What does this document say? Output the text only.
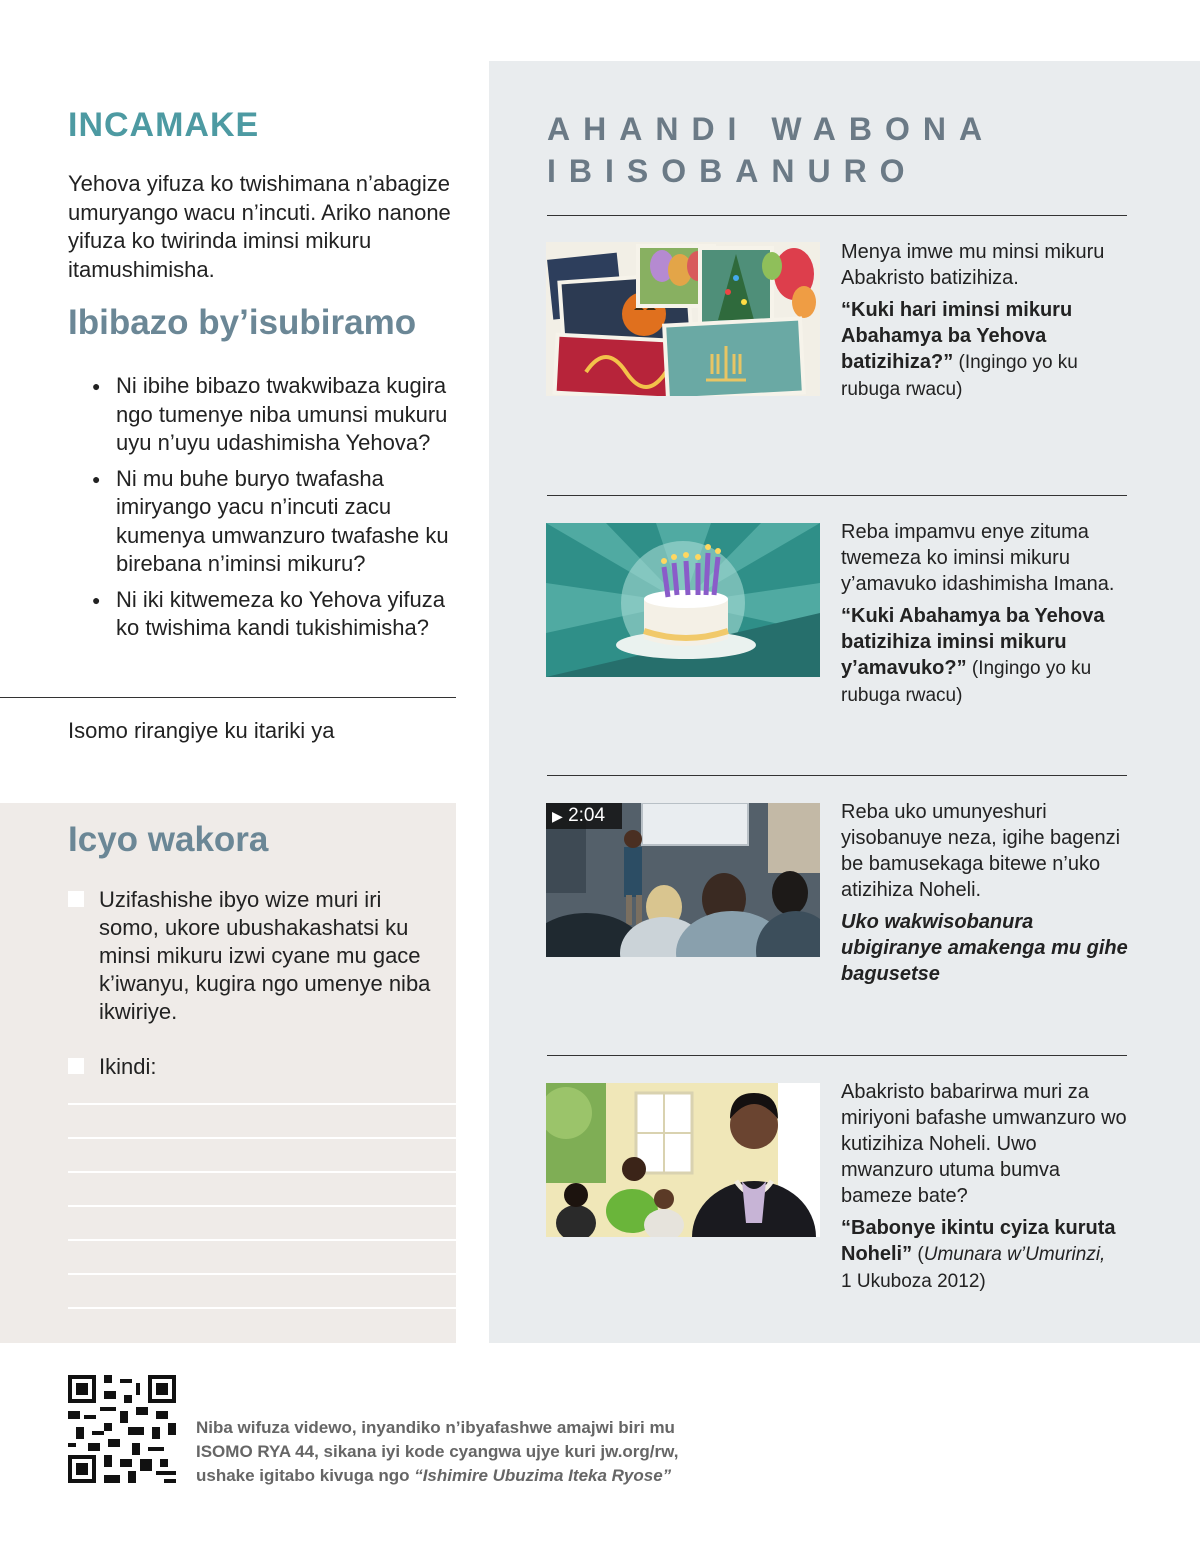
INCAMAKE
Yehova yifuza ko twishimana n’abagize umuryango wacu n’incuti. Ariko nanone yifuza ko twirinda iminsi mikuru itamushimisha.
Ibibazo by’isubiramo
● Ni ibihe bibazo twakwibaza kugira ngo tumenye niba umunsi mukuru uyu n’uyu udashimisha Yehova?
● Ni mu buhe buryo twafasha imiryango yacu n’incuti zacu kumenya umwanzuro twafashe ku birebana n’iminsi mikuru?
● Ni iki kitwemeza ko Yehova yifuza ko twishima kandi tukishimisha?
Isomo rirangiye ku itariki ya
Icyo wakora
Uzifashishe ibyo wize muri iri somo, ukore ubushakashatsi ku minsi mikuru izwi cyane mu gace k’iwanyu, kugira ngo umenye niba ikwiriye.
Ikindi:
AHANDI WABONA IBISOBANURO

Menya imwe mu minsi mikuru Abakristo batizihiza.

“Kuki hari iminsi mikuru Abahamya ba Yehova batizihiza?” (Ingingo yo ku rubuga rwacu)

Reba impamvu enye zituma twemeza ko iminsi mikuru y’amavuko idashimisha Imana.

“Kuki Abahamya ba Yehova batizihiza iminsi mikuru y’amavuko?” (Ingingo yo ku rubuga rwacu)
▶ 2:04	Reba uko umunyeshuri yisobanuye neza, igihe bagenzi be bamusekaga bitewe n’uko atizihiza Noheli.

Uko wakwisobanura ubigiranye amakenga mu gihe bagusetse

Abakristo babarirwa muri za miriyoni bafashe umwanzuro wo kutizihiza Noheli. Uwo mwanzuro utuma bumva bameze bate?

“Babonye ikintu cyiza kuruta Noheli” (Umunara w’Umurinzi,
1 Ukuboza 2012)
Niba wifuza videwo, inyandiko n’ibyafashwe amajwi biri mu
ISOMO RYA 44, sikana iyi kode cyangwa ujye kuri jw.org/rw,
ushake igitabo kivuga ngo “Ishimire Ubuzima Iteka Ryose”
